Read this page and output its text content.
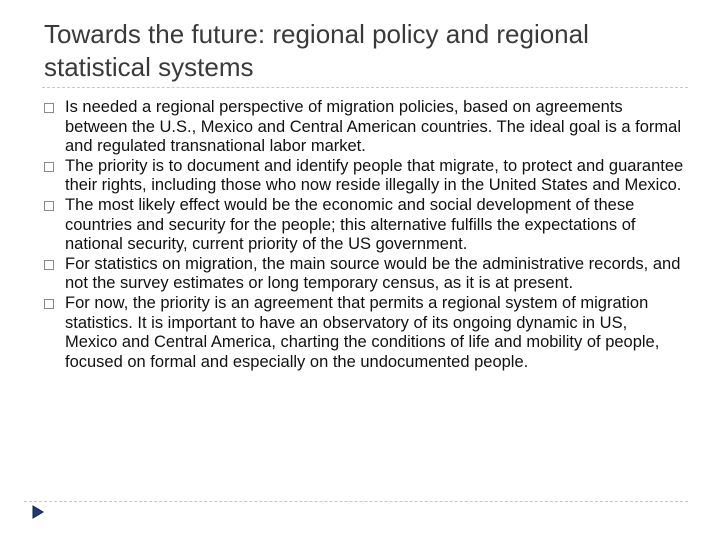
Towards the future: regional policy and regional statistical systems
Is needed a regional perspective of migration policies, based on agreements between the U.S., Mexico and Central American countries. The ideal goal is a formal and regulated transnational labor market.
The priority is to document and identify people that migrate, to protect and guarantee their rights, including those who now reside illegally in the United States and Mexico.
The most likely effect would be the economic and social development of these countries and security for the people; this alternative fulfills the expectations of national security, current priority of the US government.
For statistics on migration, the main source would be the administrative records, and not the survey estimates or long temporary census, as it is at present.
For now, the priority is an agreement that permits a regional system of migration statistics. It is important to have an observatory of its ongoing dynamic in US, Mexico and Central America, charting the conditions of life and mobility of people, focused on formal and especially on the undocumented people.
